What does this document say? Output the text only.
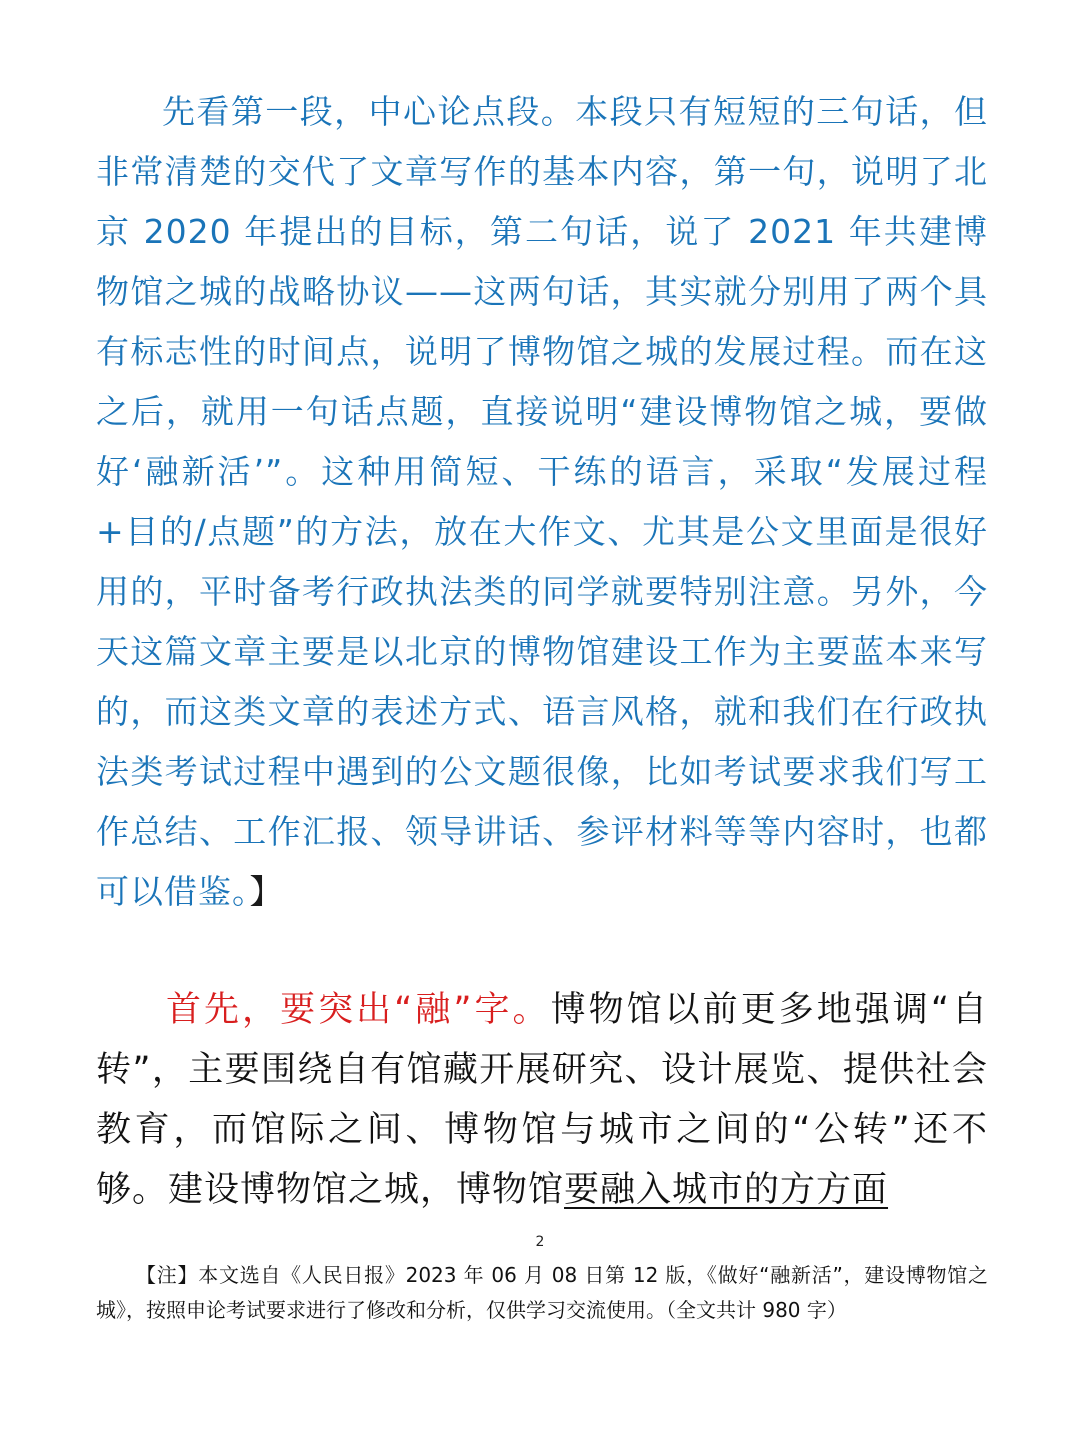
先看第一段，中心论点段。本段只有短短的三句话，但非常清楚的交代了文章写作的基本内容，第一句，说明了北京 2020 年提出的目标，第二句话，说了 2021 年共建博物馆之城的战略协议——这两句话，其实就分别用了两个具有标志性的时间点，说明了博物馆之城的发展过程。而在这之后，就用一句话点题，直接说明“建设博物馆之城，要做好‘融新活’”。这种用简短、干练的语言，采取“发展过程+目的/点题”的方法，放在大作文、尤其是公文里面是很好用的，平时备考行政执法类的同学就要特别注意。另外，今天这篇文章主要是以北京的博物馆建设工作为主要蓝本来写的，而这类文章的表述方式、语言风格，就和我们在行政执法类考试过程中遇到的公文题很像，比如考试要求我们写工作总结、工作汇报、领导讲话、参评材料等等内容时，也都可以借鉴。】

首先，要突出“融”字。博物馆以前更多地强调“自转”，主要围绕自有馆藏开展研究、设计展览、提供社会教育，而馆际之间、博物馆与城市之间的“公转”还不够。建设博物馆之城，博物馆要融入城市的方方面

2

【注】本文选自《人民日报》2023 年 06 月 08 日第 12 版，《做好“融新活”，建设博物馆之城》，按照申论考试要求进行了修改和分析，仅供学习交流使用。（全文共计 980 字）
